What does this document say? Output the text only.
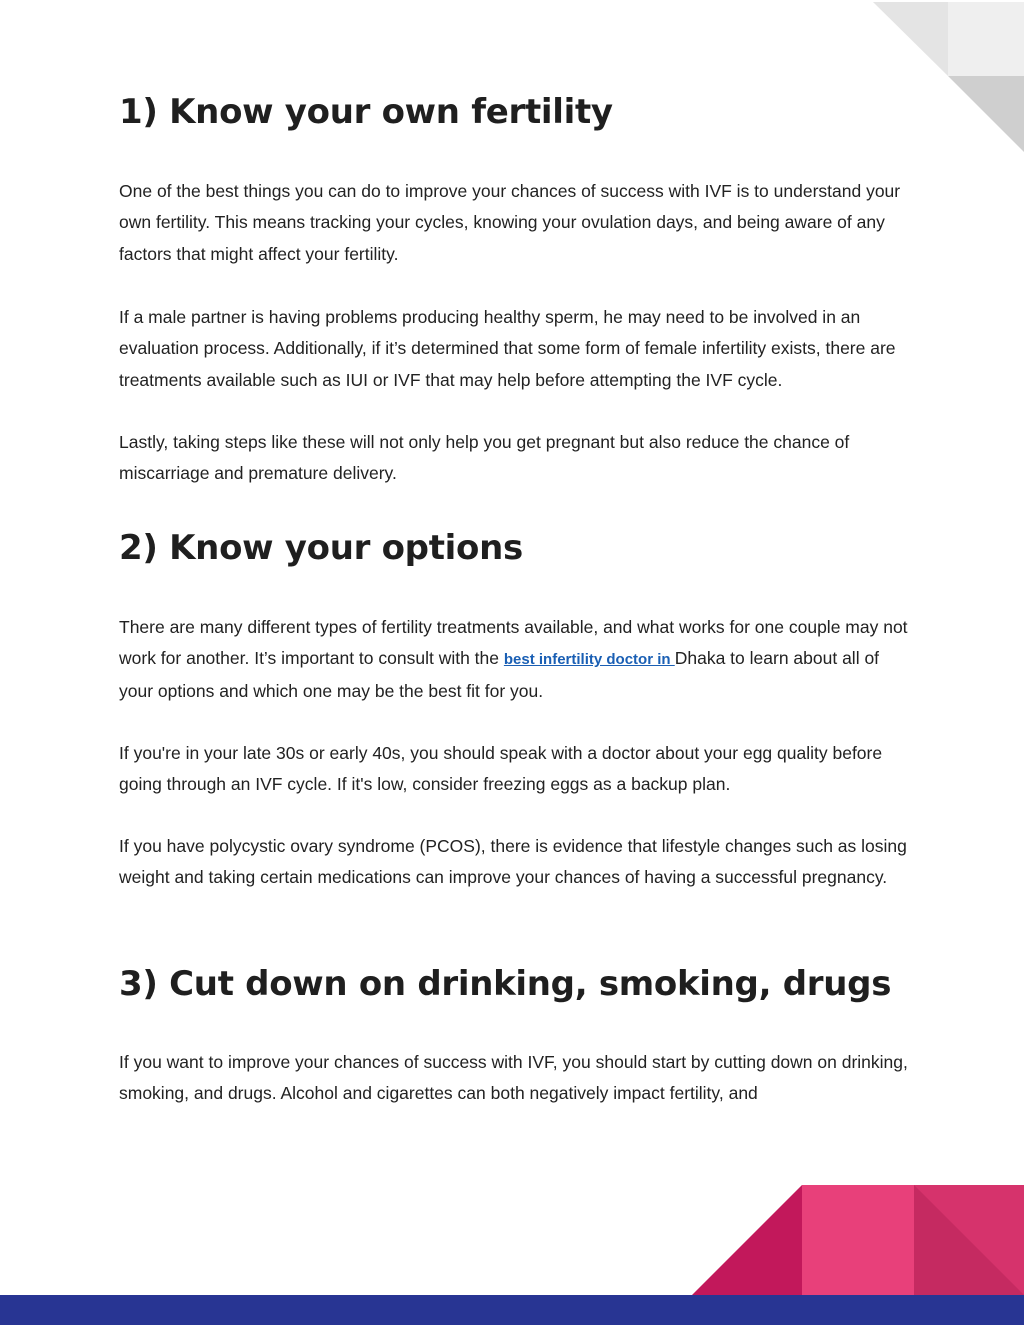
1) Know your own fertility

One of the best things you can do to improve your chances of success with IVF is to understand your own fertility. This means tracking your cycles, knowing your ovulation days, and being aware of any factors that might affect your fertility.

If a male partner is having problems producing healthy sperm, he may need to be involved in an evaluation process. Additionally, if it’s determined that some form of female infertility exists, there are treatments available such as IUI or IVF that may help before attempting the IVF cycle.

Lastly, taking steps like these will not only help you get pregnant but also reduce the chance of miscarriage and premature delivery.

2) Know your options

There are many different types of fertility treatments available, and what works for one couple may not work for another. It’s important to consult with the best infertility doctor in Dhaka to learn about all of your options and which one may be the best fit for you.

If you're in your late 30s or early 40s, you should speak with a doctor about your egg quality before going through an IVF cycle. If it's low, consider freezing eggs as a backup plan.

If you have polycystic ovary syndrome (PCOS), there is evidence that lifestyle changes such as losing weight and taking certain medications can improve your chances of having a successful pregnancy.

3) Cut down on drinking, smoking, drugs

If you want to improve your chances of success with IVF, you should start by cutting down on drinking, smoking, and drugs. Alcohol and cigarettes can both negatively impact fertility, and
